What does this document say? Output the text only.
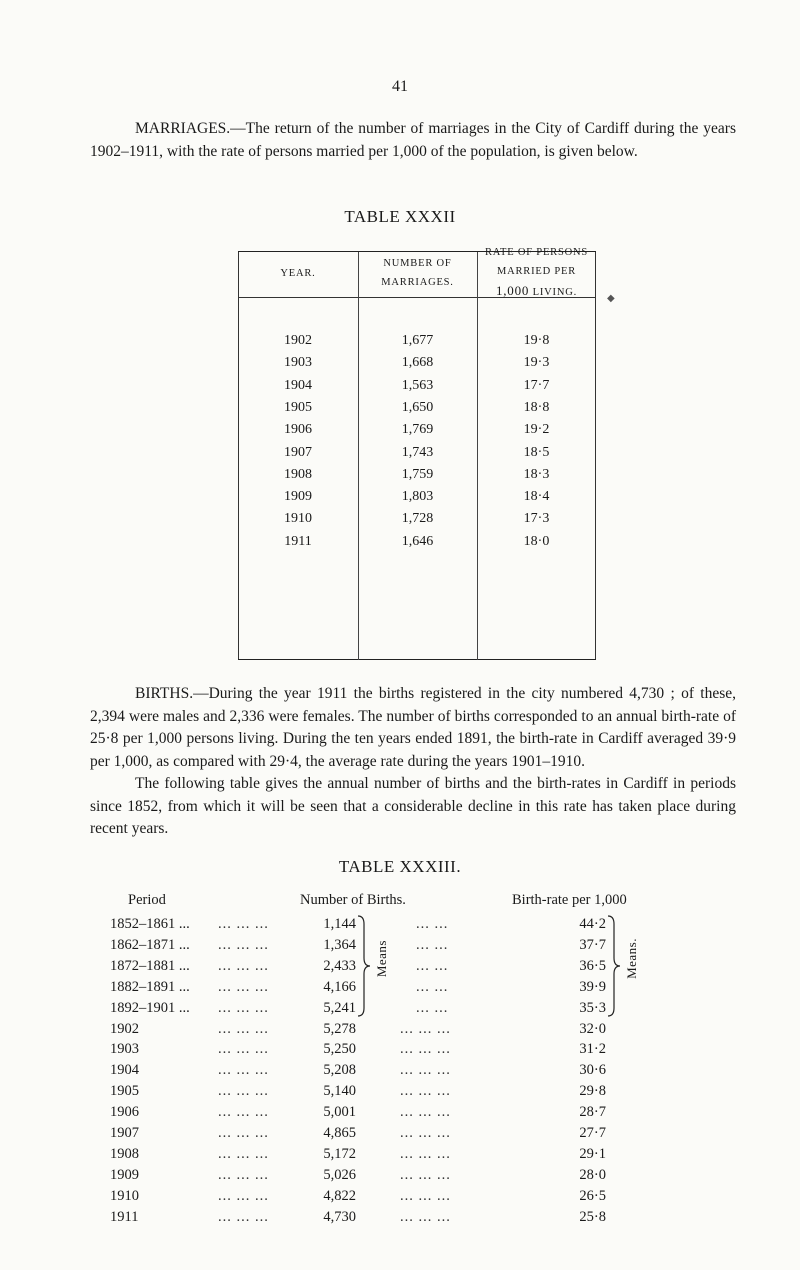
41
MARRIAGES.—The return of the number of marriages in the City of Cardiff during the years 1902–1911, with the rate of persons married per 1,000 of the population, is given below.
TABLE XXXII
◆
YEAR.
NUMBER OF
MARRIAGES.
RATE OF PERSONS
MARRIED PER
1,000 LIVING.
1902	1,677	19·8
1903	1,668	19·3
1904	1,563	17·7
1905	1,650	18·8
1906	1,769	19·2
1907	1,743	18·5
1908	1,759	18·3
1909	1,803	18·4
1910	1,728	17·3
1911	1,646	18·0
BIRTHS.—During the year 1911 the births registered in the city numbered 4,730 ; of these, 2,394 were males and 2,336 were females. The number of births corresponded to an annual birth-rate of 25·8 per 1,000 persons living. During the ten years ended 1891, the birth-rate in Cardiff averaged 39·9 per 1,000, as compared with 29·4, the average rate during the years 1901–1910.
The following table gives the annual number of births and the birth-rates in Cardiff in periods since 1852, from which it will be seen that a considerable decline in this rate has taken place during recent years.
TABLE XXXIII.
Period	Number of Births.	Birth-rate per 1,000
1852–1861 ...	... ... ...	1,144	... ...	44·2
1862–1871 ...	... ... ...	1,364	... ...	37·7
1872–1881 ...	... ... ...	2,433	... ...	36·5
1882–1891 ...	... ... ...	4,166	... ...	39·9
1892–1901 ...	... ... ...	5,241	... ...	35·3
1902	... ... ...	5,278	... ... ...	32·0
1903	... ... ...	5,250	... ... ...	31·2
1904	... ... ...	5,208	... ... ...	30·6
1905	... ... ...	5,140	... ... ...	29·8
1906	... ... ...	5,001	... ... ...	28·7
1907	... ... ...	4,865	... ... ...	27·7
1908	... ... ...	5,172	... ... ...	29·1
1909	... ... ...	5,026	... ... ...	28·0
1910	... ... ...	4,822	... ... ...	26·5
1911	... ... ...	4,730	... ... ...	25·8
Means	Means.
